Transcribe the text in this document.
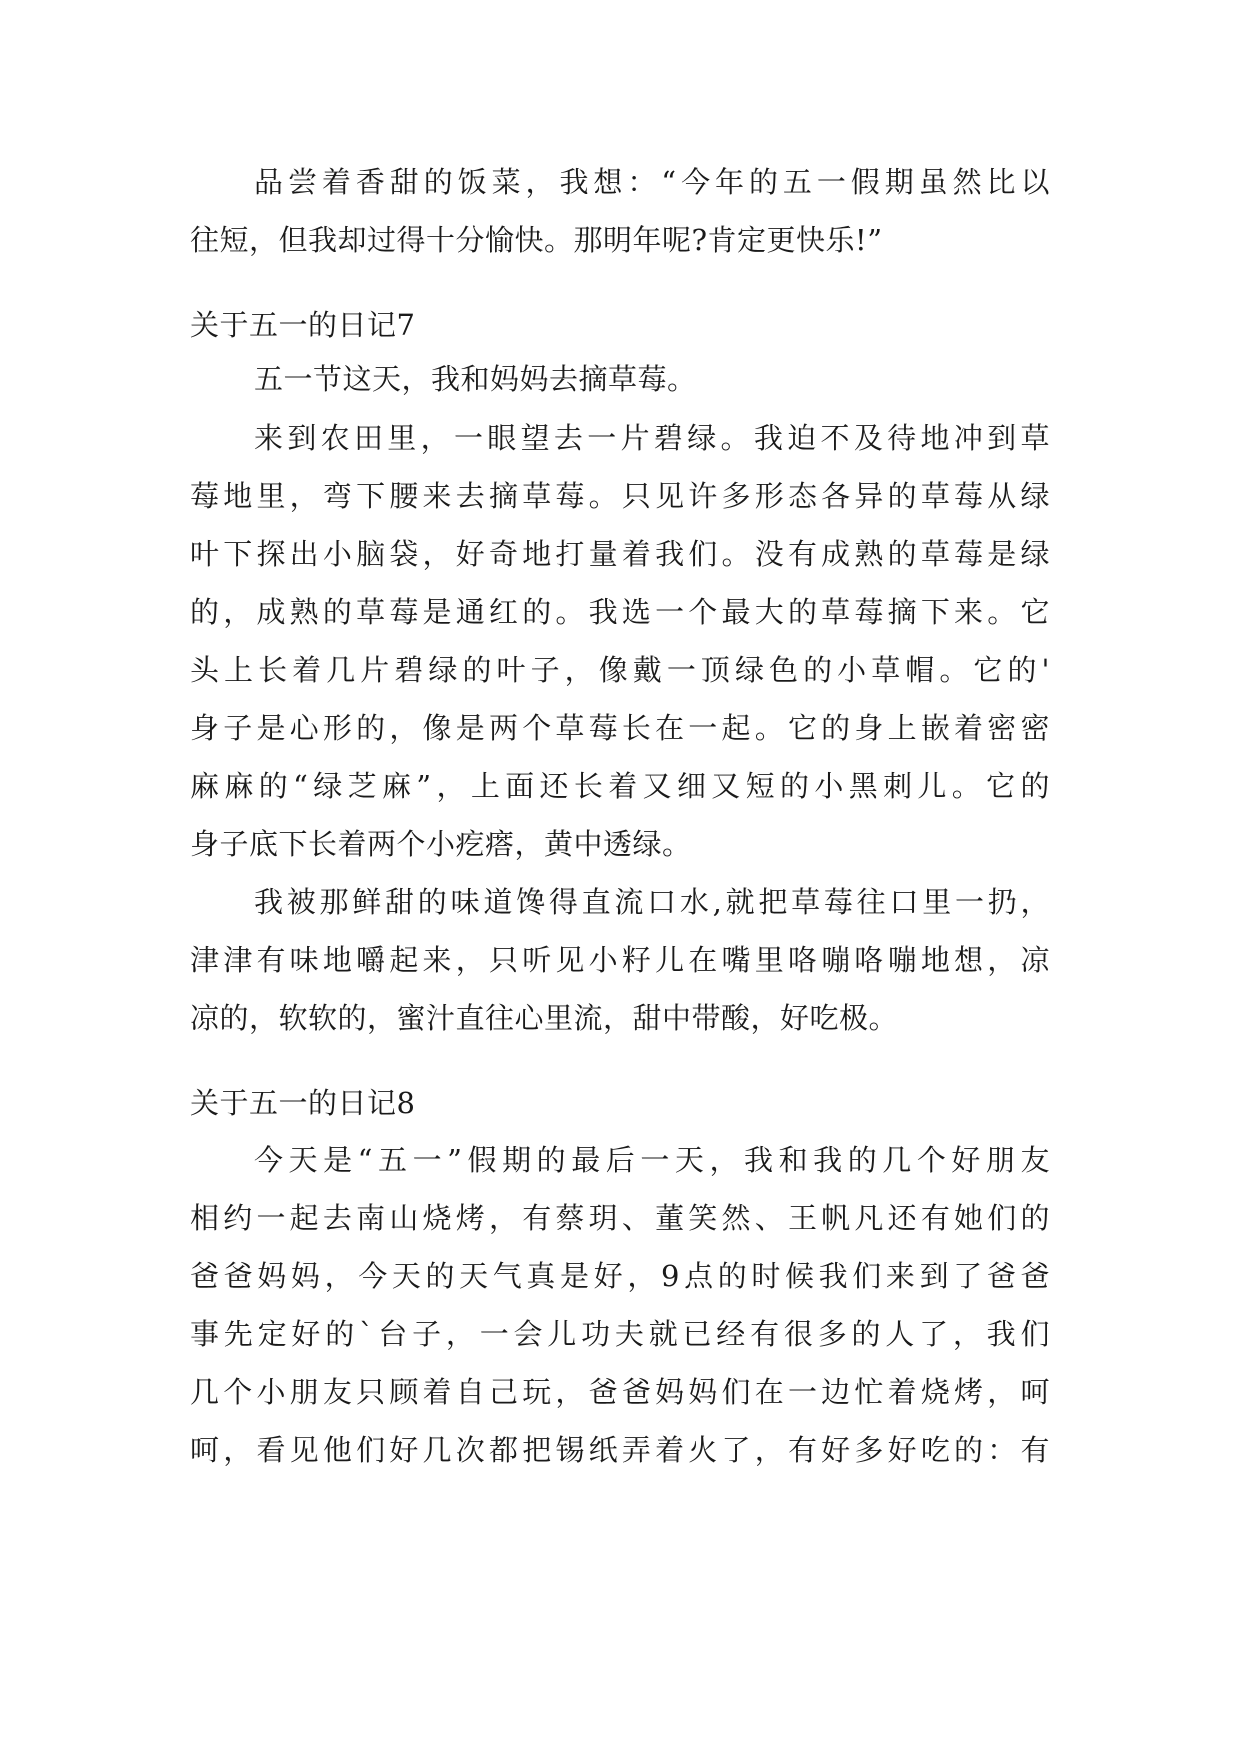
品尝着香甜的饭菜，我想：“今年的五一假期虽然比以
往短，但我却过得十分愉快。那明年呢?肯定更快乐!”
关于五一的日记7
五一节这天，我和妈妈去摘草莓。
来到农田里，一眼望去一片碧绿。我迫不及待地冲到草
莓地里，弯下腰来去摘草莓。只见许多形态各异的草莓从绿
叶下探出小脑袋，好奇地打量着我们。没有成熟的草莓是绿
的，成熟的草莓是通红的。我选一个最大的草莓摘下来。它
头上长着几片碧绿的叶子，像戴一顶绿色的小草帽。它的'
身子是心形的，像是两个草莓长在一起。它的身上嵌着密密
麻麻的“绿芝麻”，上面还长着又细又短的小黑刺儿。它的
身子底下长着两个小疙瘩，黄中透绿。
我被那鲜甜的味道馋得直流口水,就把草莓往口里一扔，
津津有味地嚼起来，只听见小籽儿在嘴里咯嘣咯嘣地想，凉
凉的，软软的，蜜汁直往心里流，甜中带酸，好吃极。
关于五一的日记8
今天是“五一”假期的最后一天，我和我的几个好朋友
相约一起去南山烧烤，有蔡玥、董笑然、王帆凡还有她们的
爸爸妈妈，今天的天气真是好，9点的时候我们来到了爸爸
事先定好的`台子，一会儿功夫就已经有很多的人了，我们
几个小朋友只顾着自己玩，爸爸妈妈们在一边忙着烧烤，呵
呵，看见他们好几次都把锡纸弄着火了，有好多好吃的：有
